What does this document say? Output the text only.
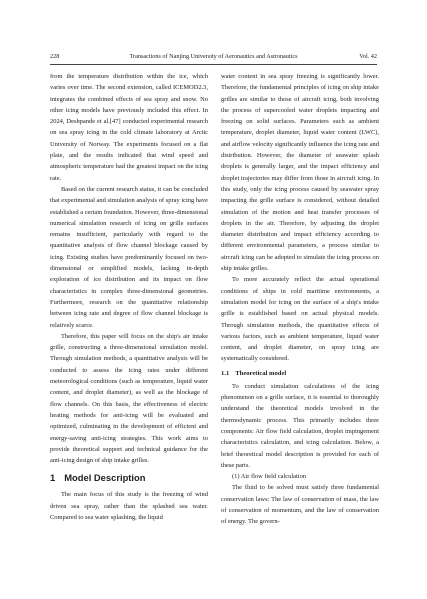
228	Transactions of Nanjing University of Aeronautics and Astronautics	Vol. 42

from the temperature distribution within the ice, which varies over time. The second extension, called ICEMOD2.3, integrates the combined effects of sea spray and snow. No other icing models have previously included this effect. In 2024, Deshpande et al.[47] conducted experimental research on sea spray icing in the cold climate laboratory at Arctic University of Norway. The experiments focused on a flat plate, and the results indicated that wind speed and atmospheric temperature had the greatest impact on the icing rate.

Based on the current research status, it can be concluded that experimental and simulation analysis of spray icing have established a certain foundation. However, three-dimensional numerical simulation research of icing on grille surfaces remains insufficient, particularly with regard to the quantitative analysis of flow channel blockage caused by icing. Existing studies have predominantly focused on two-dimensional or simplified models, lacking in-depth exploration of ice distribution and its impact on flow characteristics in complex three-dimensional geometries. Furthermore, research on the quantitative relationship between icing rate and degree of flow channel blockage is relatively scarce.

Therefore, this paper will focus on the ship's air intake grille, constructing a three-dimensional simulation model. Through simulation methods, a quantitative analysis will be conducted to assess the icing rates under different meteorological conditions (such as temperature, liquid water content, and droplet diameter), as well as the blockage of flow channels. On this basis, the effectiveness of electric heating methods for anti-icing will be evaluated and optimized, culminating in the development of efficient and energy-saving anti-icing strategies. This work aims to provide theoretical support and technical guidance for the anti-icing design of ship intake grilles.

1 Model Description

The main focus of this study is the freezing of wind driven sea spray, rather than the splashed sea water. Compared to sea water splashing, the liquid

water content in sea spray freezing is significantly lower. Therefore, the fundamental principles of icing on ship intake grilles are similar to those of aircraft icing, both involving the process of supercooled water droplets impacting and freezing on solid surfaces. Parameters such as ambient temperature, droplet diameter, liquid water content (LWC), and airflow velocity significantly influence the icing rate and distribution. However, the diameter of seawater splash droplets is generally larger, and the impact efficiency and droplet trajectories may differ from those in aircraft icing. In this study, only the icing process caused by seawater spray impacting the grille surface is considered, without detailed simulation of the motion and heat transfer processes of droplets in the air. Therefore, by adjusting the droplet diameter distribution and impact efficiency according to different environmental parameters, a process similar to aircraft icing can be adopted to simulate the icing process on ship intake grilles.

To more accurately reflect the actual operational conditions of ships in cold maritime environments, a simulation model for icing on the surface of a ship's intake grille is established based on actual physical models. Through simulation methods, the quantitative effects of various factors, such as ambient temperature, liquid water content, and droplet diameter, on spray icing are systematically considered.

1.1 Theoretical model

To conduct simulation calculations of the icing phenomenon on a grille surface, it is essential to thoroughly understand the theoretical models involved in the thermodynamic process. This primarily includes three components: Air flow field calculation, droplet impingement characteristics calculation, and icing calculation. Below, a brief theoretical model description is provided for each of these parts.

(1) Air flow field calculation

The fluid to be solved must satisfy three fundamental conservation laws: The law of conservation of mass, the law of conservation of momentum, and the law of conservation of energy. The govern-
